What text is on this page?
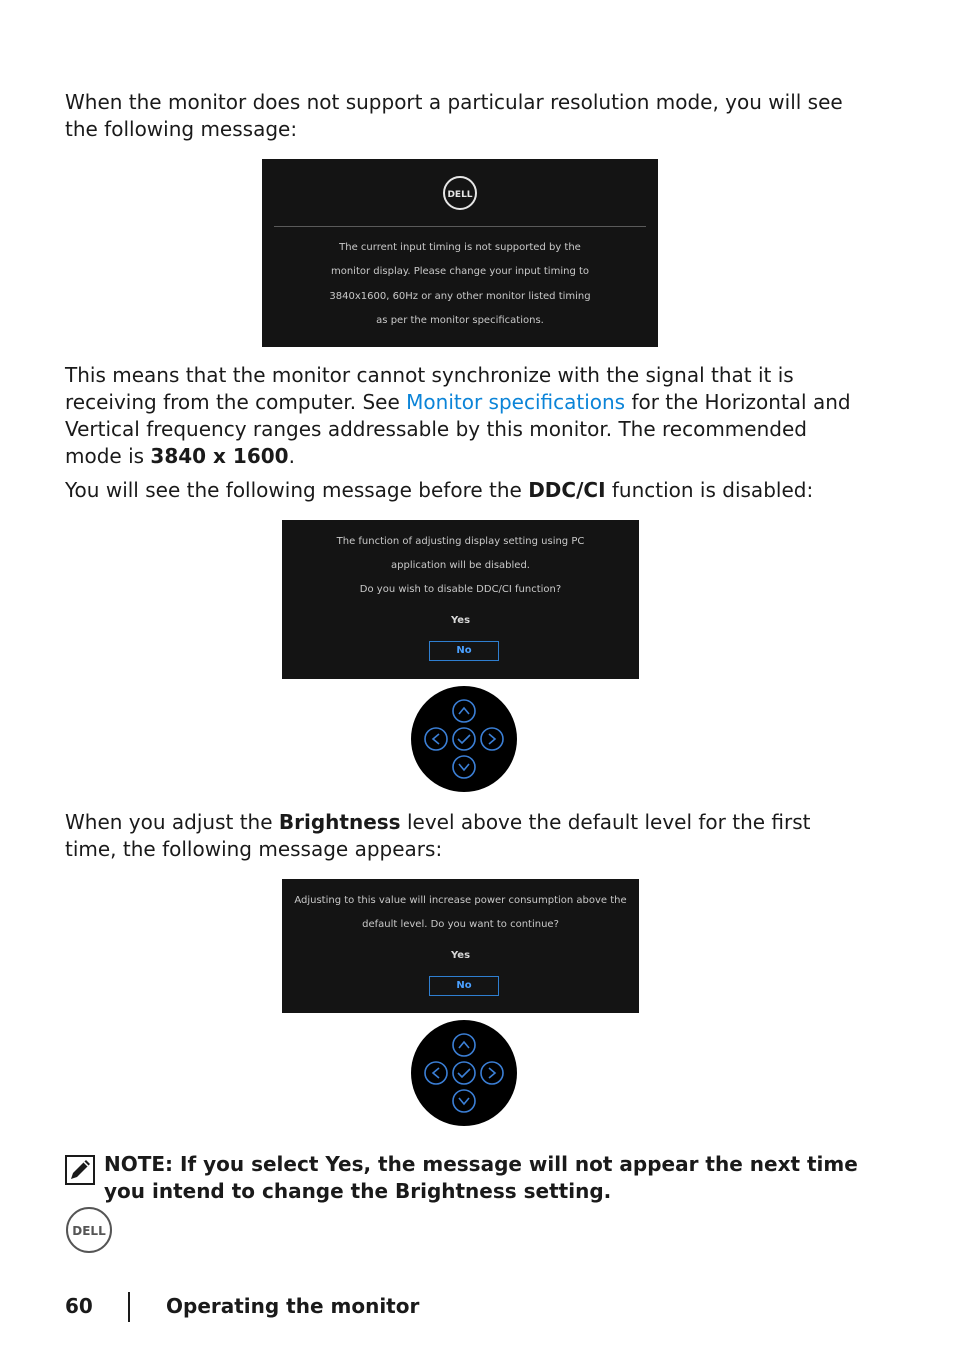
When the monitor does not support a particular resolution mode, you will see the following message:

DELL
The current input timing is not supported by the
monitor display. Please change your input timing to
3840x1600, 60Hz or any other monitor listed timing
as per the monitor specifications.

This means that the monitor cannot synchronize with the signal that it is receiving from the computer. See Monitor specifications for the Horizontal and Vertical frequency ranges addressable by this monitor. The recommended mode is 3840 x 1600.

You will see the following message before the DDC/CI function is disabled:

The function of adjusting display setting using PC
application will be disabled.
Do you wish to disable DDC/CI function?
Yes
No

When you adjust the Brightness level above the default level for the first time, the following message appears:

Adjusting to this value will increase power consumption above the
default level. Do you want to continue?
Yes
No

NOTE: If you select Yes, the message will not appear the next time you intend to change the Brightness setting.

DELL
60	Operating the monitor
